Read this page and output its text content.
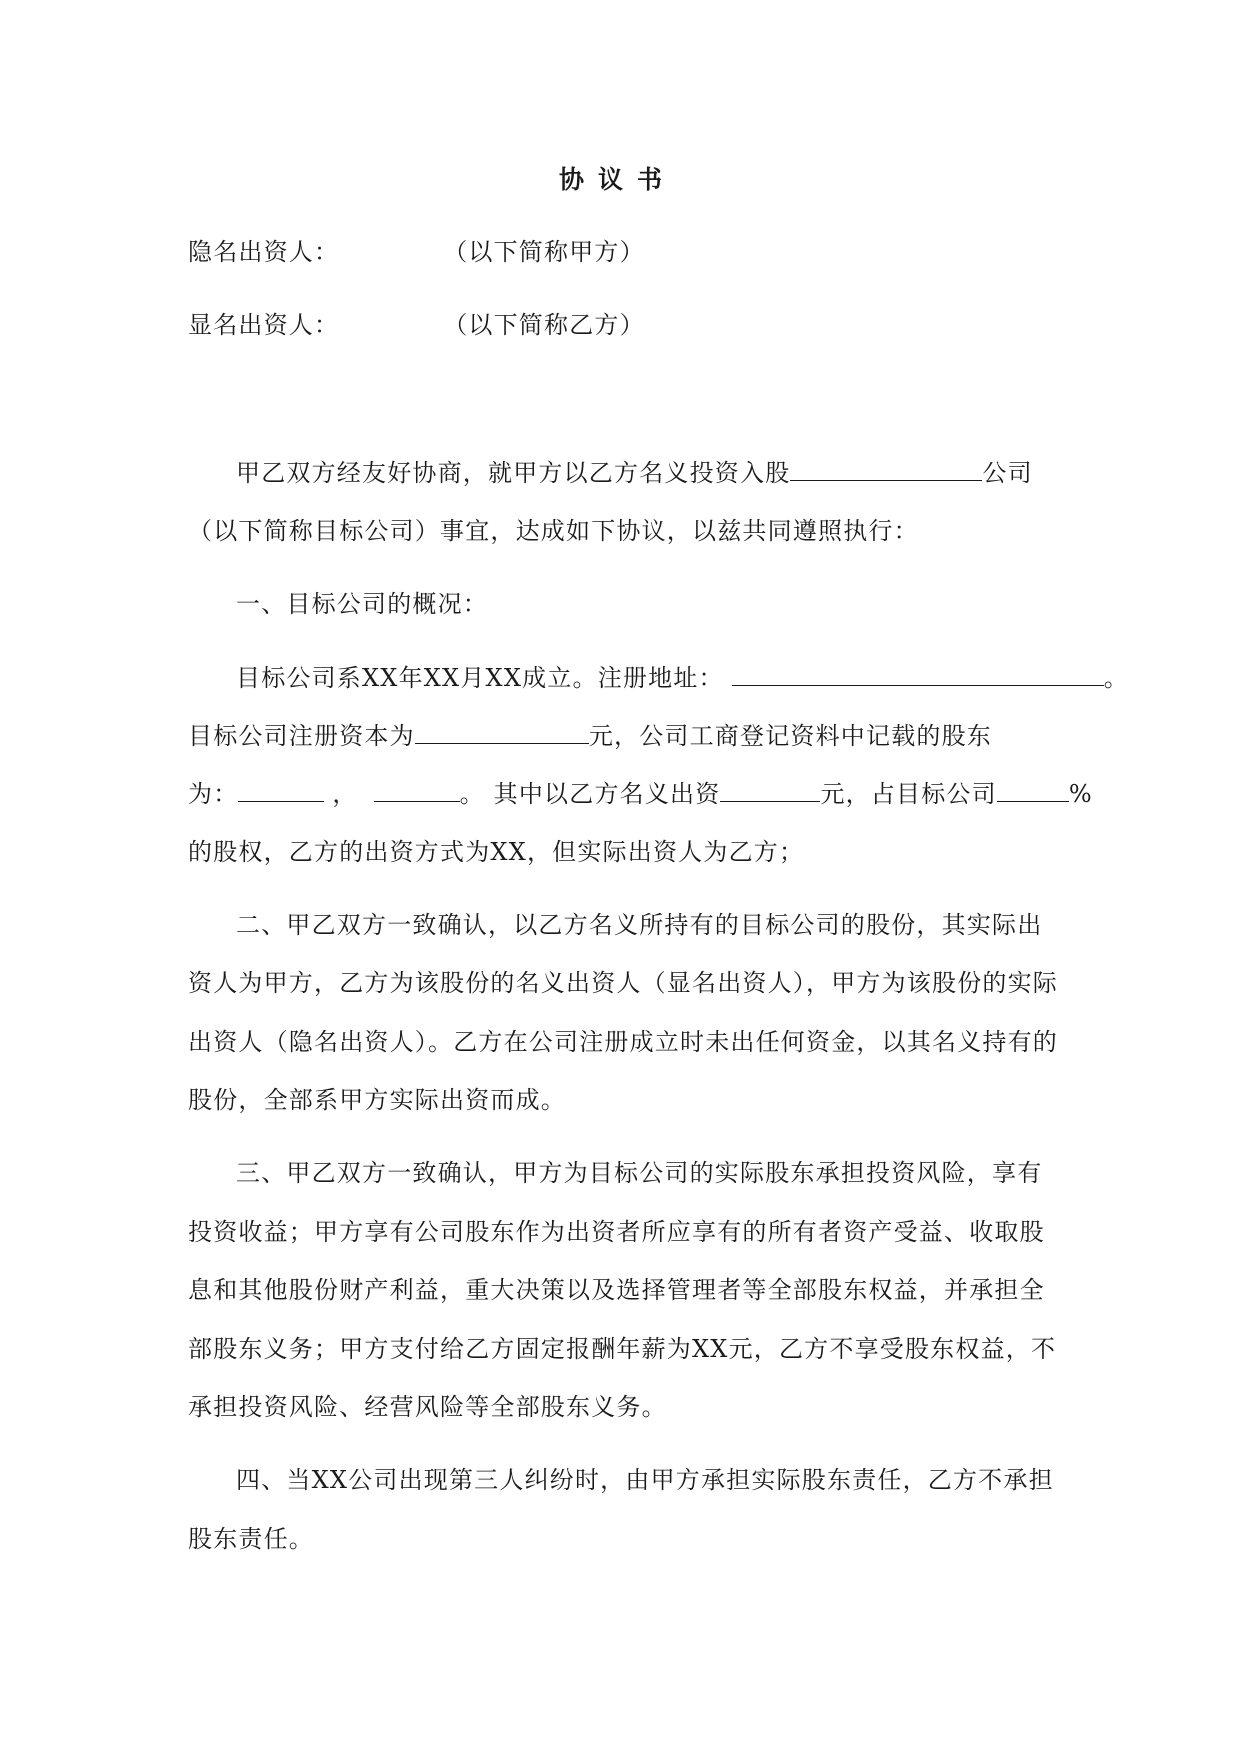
协议书
隐名出资人：	（以下简称甲方）
显名出资人：	（以下简称乙方）
甲乙双方经友好协商，就甲方以乙方名义投资入股	公司
（以下简称目标公司）事宜，达成如下协议，以兹共同遵照执行：
一、目标公司的概况：
目标公司系XX年XX月XX成立。注册地址：	。
目标公司注册资本为	元，公司工商登记资料中记载的股东
为：	，	。 其中以乙方名义出资	元，占目标公司	%
的股权，乙方的出资方式为XX，但实际出资人为乙方；
二、甲乙双方一致确认，以乙方名义所持有的目标公司的股份，其实际出
资人为甲方，乙方为该股份的名义出资人（显名出资人），甲方为该股份的实际
出资人（隐名出资人）。乙方在公司注册成立时未出任何资金，以其名义持有的
股份，全部系甲方实际出资而成。
三、甲乙双方一致确认，甲方为目标公司的实际股东承担投资风险，享有
投资收益；甲方享有公司股东作为出资者所应享有的所有者资产受益、收取股
息和其他股份财产利益，重大决策以及选择管理者等全部股东权益，并承担全
部股东义务；甲方支付给乙方固定报酬年薪为XX元，乙方不享受股东权益，不
承担投资风险、经营风险等全部股东义务。
四、当XX公司出现第三人纠纷时，由甲方承担实际股东责任，乙方不承担
股东责任。
